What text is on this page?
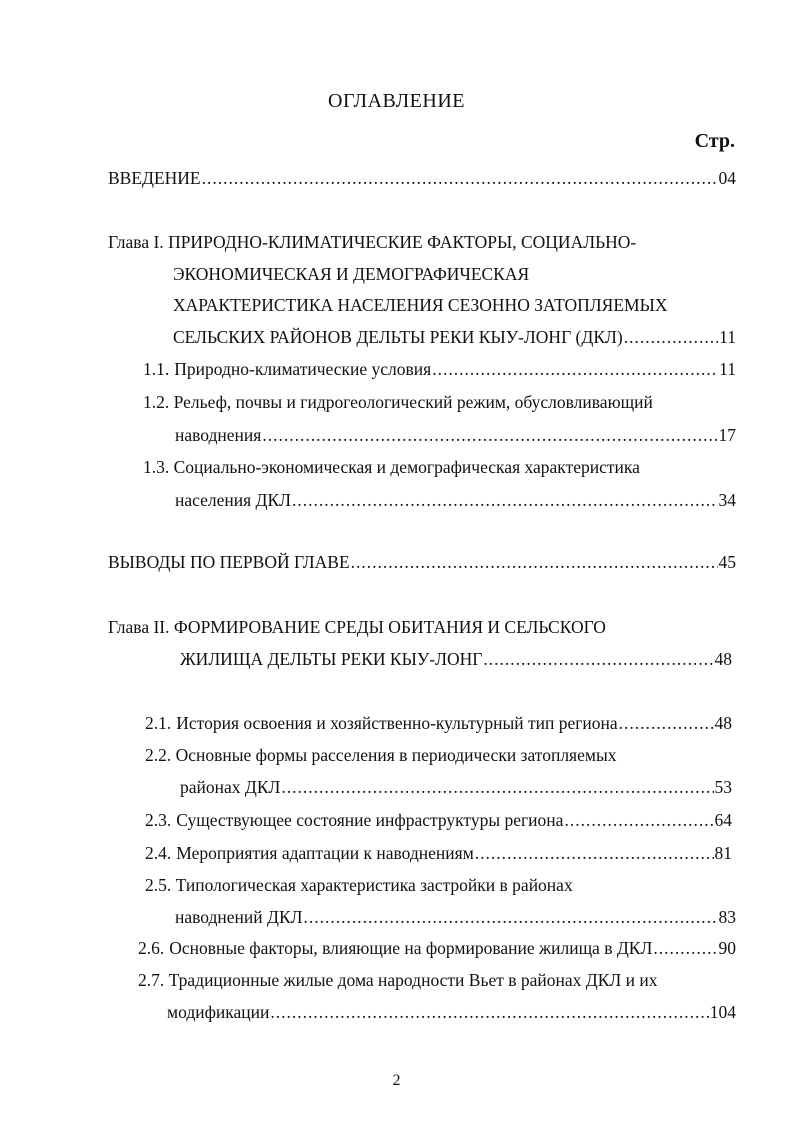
ОГЛАВЛЕНИЕ
Стр.
ВВЕДЕНИЕ .....	04
Глава I. ПРИРОДНО-КЛИМАТИЧЕСКИЕ ФАКТОРЫ, СОЦИАЛЬНО-
ЭКОНОМИЧЕСКАЯ И ДЕМОГРАФИЧЕСКАЯ
ХАРАКТЕРИСТИКА НАСЕЛЕНИЯ СЕЗОННО ЗАТОПЛЯЕМЫХ
СЕЛЬСКИХ РАЙОНОВ ДЕЛЬТЫ РЕКИ КЫУ-ЛОНГ (ДКЛ) .....	11
1.1. Природно-климатические условия .....	11
1.2. Рельеф, почвы и гидрогеологический режим, обусловливающий
наводнения .....	17
1.3. Социально-экономическая и демографическая характеристика
населения ДКЛ .....	34
ВЫВОДЫ ПО ПЕРВОЙ ГЛАВЕ .....	45
Глава II. ФОРМИРОВАНИЕ СРЕДЫ ОБИТАНИЯ И СЕЛЬСКОГО
ЖИЛИЩА ДЕЛЬТЫ РЕКИ КЫУ-ЛОНГ .....	48
2.1. История освоения и хозяйственно-культурный тип региона .....	48
2.2. Основные формы расселения в периодически затопляемых
районах ДКЛ .....	53
2.3. Существующее состояние инфраструктуры региона .....	64
2.4. Мероприятия адаптации к наводнениям .....	81
2.5. Типологическая характеристика застройки в районах
наводнений ДКЛ .....	83
2.6. Основные факторы, влияющие на формирование жилища в ДКЛ .....	90
2.7. Традиционные жилые дома народности Вьет в районах ДКЛ и их
модификации .....	104
2
